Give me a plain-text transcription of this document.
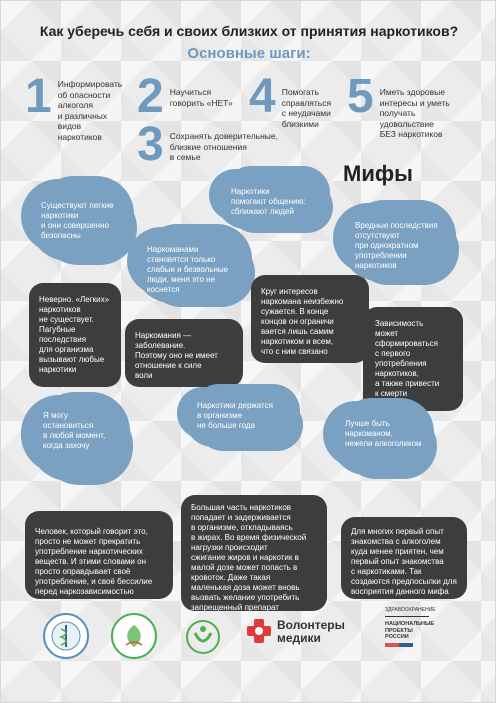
Как уберечь себя и своих близких от принятия наркотиков?
Основные шаги:
1 Информировать
об опасности
алкоголя
и различных
видов
наркотиков
2 Научиться
говорить «НЕТ»
3 Сохранять доверительные,
близкие отношения
в семье
4 Помогать
справляться
с неудачами
близкими
5 Иметь здоровые
интересы и уметь
получать
удовольствие
БЕЗ наркотиков
Мифы
Существуют легкие
наркотики
и они совершенно
безопасны
Неверно. «Легких»
наркотиков
не существует.
Пагубные
последствия
для организма
вызывают любые
наркотики
Наркоманами
становятся только
слабые и безвольные
люди, меня это не
коснется
Наркомания —
заболевание.
Поэтому оно не имеет
отношение к силе
воли
Наркотики
помогают общению:
сближают людей
Круг интересов
наркомана неизбежно
сужается. В конце
концов он ограничи
вается лишь самим
наркотиком и всем,
что с ним связано
Вредные последствия
отсутствуют
при однократном
употреблении
наркотиков
Зависимость
может
сформироваться
с первого
употребления
наркотиков,
а также привести
к смерти
Я могу
остановиться
в любой момент,
когда захочу
Человек, который говорит это,
просто не может прекратить
употребление наркотических
веществ. И этими словами он
просто оправдывает своё
употребление, и своё бессилие
перед наркозависимостью
Наркотики держатся
в организме
не больше года
Большая часть наркотиков
попадает и задерживается
в организме, откладываясь
в жирах. Во время физической
нагрузки происходит
сжигание жиров и наркотик в
малой дозе может попасть в
кровоток. Даже такая
маленькая доза может вновь
вызвать желание употребить
запрещенный препарат
Лучше быть
наркоманом,
нежели алкоголиком
Для многих первый опыт
знакомства с алкоголем
куда менее приятен, чем
первый опыт знакомства
с наркотиками. Так
создаются предпосылки для
восприятия данного мифа
Волонтеры
медики
ЗДРАВООХРАНЕНИЕ
НАЦИОНАЛЬНЫЕ
ПРОЕКТЫ
РОССИИ
